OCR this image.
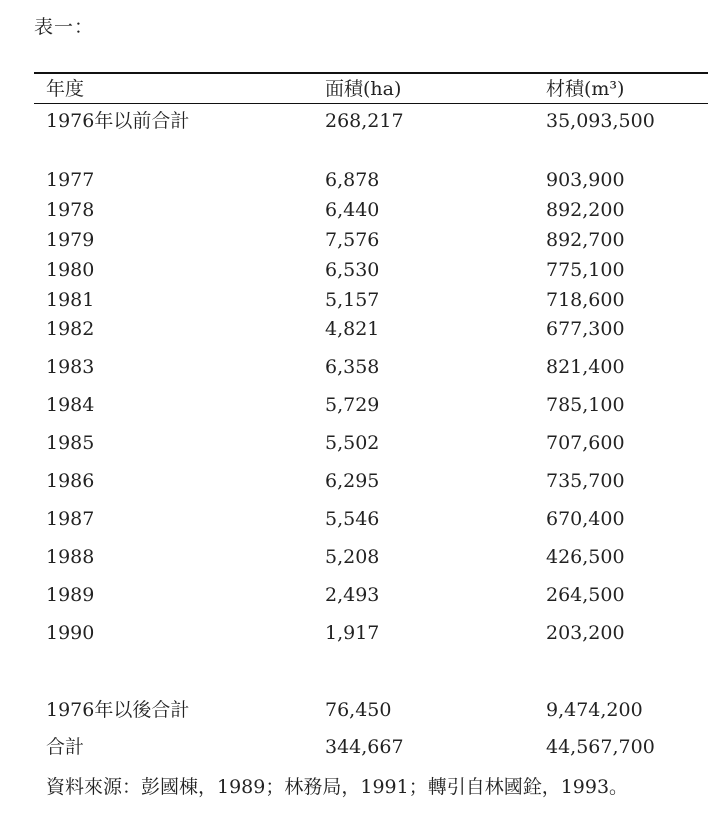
表一：
年度	面積(ha)	材積(m³)
1976年以前合計	268,217	35,093,500
1977	6,878	903,900
1978	6,440	892,200
1979	7,576	892,700
1980	6,530	775,100
1981	5,157	718,600
1982	4,821	677,300
1983	6,358	821,400
1984	5,729	785,100
1985	5,502	707,600
1986	6,295	735,700
1987	5,546	670,400
1988	5,208	426,500
1989	2,493	264,500
1990	1,917	203,200
1976年以後合計	76,450	9,474,200
合計	344,667	44,567,700
資料來源：彭國棟，1989；林務局，1991；轉引自林國銓，1993。
